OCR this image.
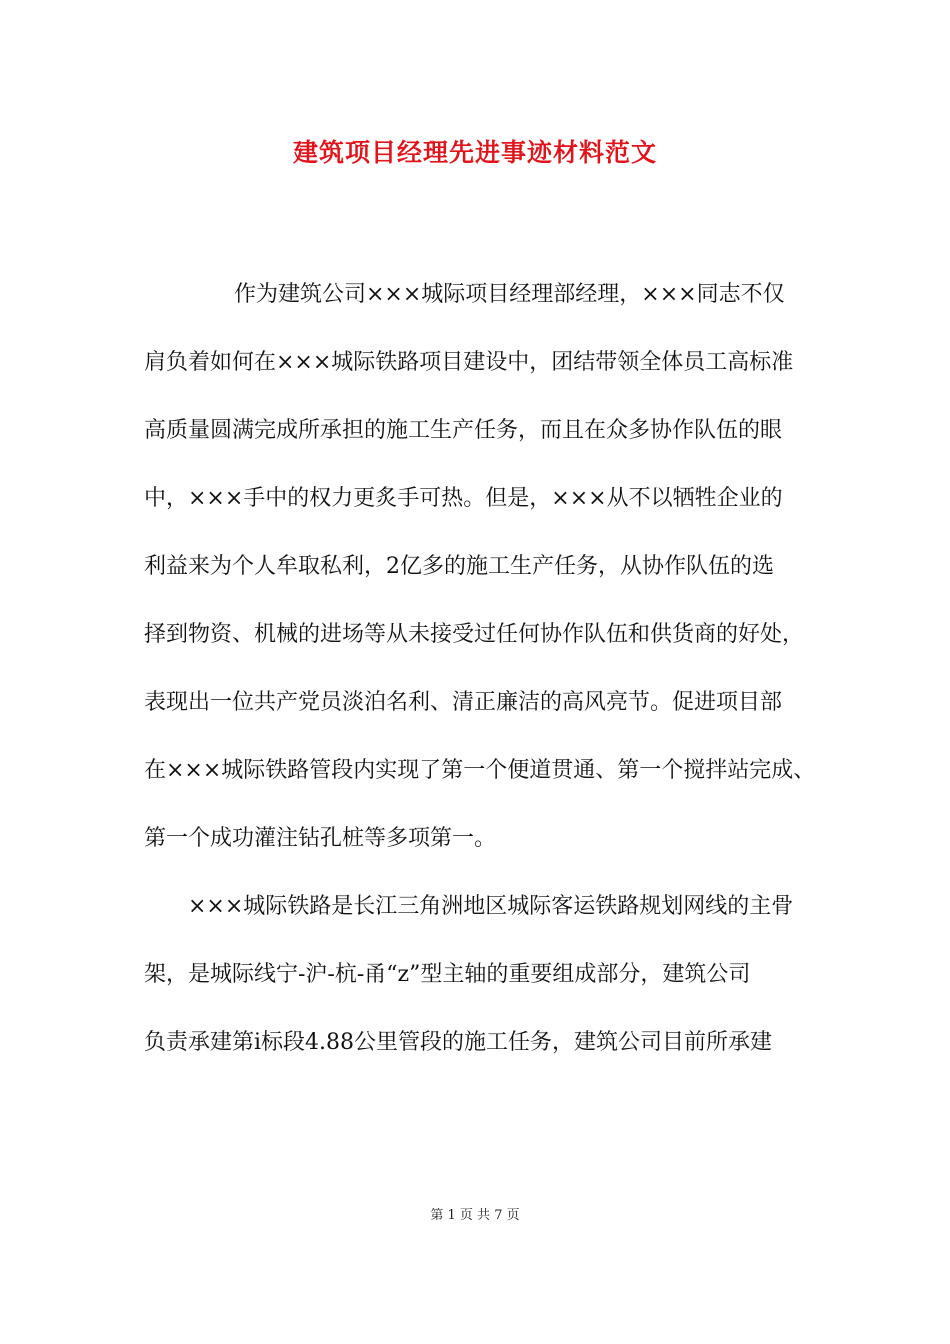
建筑项目经理先进事迹材料范文
作为建筑公司×××城际项目经理部经理，×××同志不仅
肩负着如何在×××城际铁路项目建设中，团结带领全体员工高标准
高质量圆满完成所承担的施工生产任务，而且在众多协作队伍的眼
中，×××手中的权力更炙手可热。但是，×××从不以牺牲企业的
利益来为个人牟取私利，2亿多的施工生产任务，从协作队伍的选
择到物资、机械的进场等从未接受过任何协作队伍和供货商的好处，
表现出一位共产党员淡泊名利、清正廉洁的高风亮节。促进项目部
在×××城际铁路管段内实现了第一个便道贯通、第一个搅拌站完成、
第一个成功灌注钻孔桩等多项第一。
×××城际铁路是长江三角洲地区城际客运铁路规划网线的主骨
架，是城际线宁-沪-杭-甬“z”型主轴的重要组成部分，建筑公司
负责承建第ⅰ标段4.88公里管段的施工任务，建筑公司目前所承建
第 1 页 共 7 页
